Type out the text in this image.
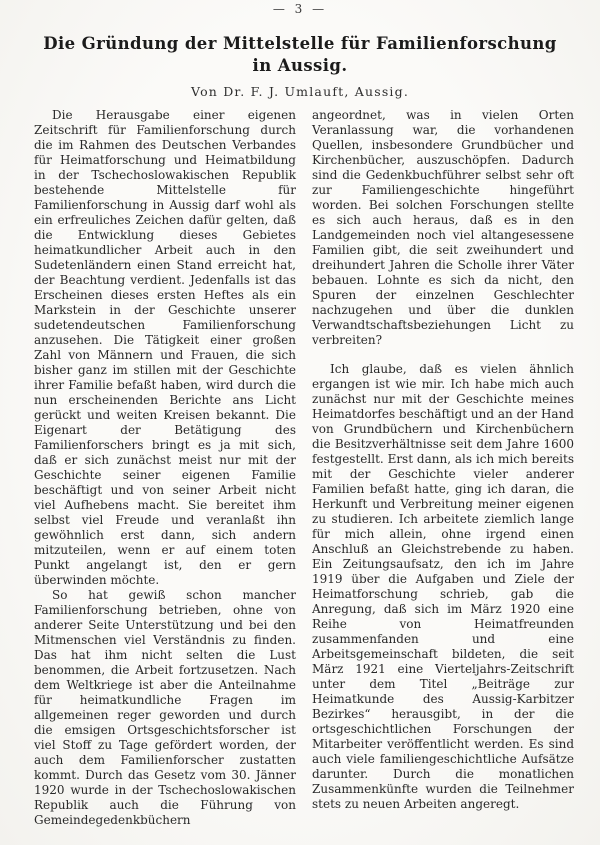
— 3 —
Die Gründung der Mittelstelle für Familienforschung
in Aussig.
Von Dr. F. J. Umlauft, Aussig.

Die Herausgabe einer eigenen Zeitschrift für Familienforschung durch die im Rahmen des Deutschen Verbandes für Heimatforschung und Heimatbildung in der Tschechoslowakischen Republik bestehende Mittelstelle für Familienforschung in Aussig darf wohl als ein erfreuliches Zeichen dafür gelten, daß die Entwicklung dieses Gebietes heimatkundlicher Arbeit auch in den Sudetenländern einen Stand erreicht hat, der Beachtung verdient. Jedenfalls ist das Erscheinen dieses ersten Heftes als ein Markstein in der Geschichte unserer sudetendeutschen Familienforschung anzusehen. Die Tätigkeit einer großen Zahl von Männern und Frauen, die sich bisher ganz im stillen mit der Geschichte ihrer Familie befaßt haben, wird durch die nun erscheinenden Berichte ans Licht gerückt und weiten Kreisen bekannt. Die Eigenart der Betätigung des Familienforschers bringt es ja mit sich, daß er sich zunächst meist nur mit der Geschichte seiner eigenen Familie beschäftigt und von seiner Arbeit nicht viel Aufhebens macht. Sie bereitet ihm selbst viel Freude und veranlaßt ihn gewöhnlich erst dann, sich andern mitzuteilen, wenn er auf einem toten Punkt angelangt ist, den er gern überwinden möchte.

So hat gewiß schon mancher Familienforschung betrieben, ohne von anderer Seite Unterstützung und bei den Mitmenschen viel Verständnis zu finden. Das hat ihm nicht selten die Lust benommen, die Arbeit fortzusetzen. Nach dem Weltkriege ist aber die Anteilnahme für heimatkundliche Fragen im allgemeinen reger geworden und durch die emsigen Ortsgeschichtsforscher ist viel Stoff zu Tage gefördert worden, der auch dem Familienforscher zustatten kommt. Durch das Gesetz vom 30. Jänner 1920 wurde in der Tschechoslowakischen Republik auch die Führung von Gemeindegedenkbüchern

angeordnet, was in vielen Orten Veranlassung war, die vorhandenen Quellen, insbesondere Grundbücher und Kirchenbücher, auszuschöpfen. Dadurch sind die Gedenkbuchführer selbst sehr oft zur Familiengeschichte hingeführt worden. Bei solchen Forschungen stellte es sich auch heraus, daß es in den Landgemeinden noch viel altangesessene Familien gibt, die seit zweihundert und dreihundert Jahren die Scholle ihrer Väter bebauen. Lohnte es sich da nicht, den Spuren der einzelnen Geschlechter nachzugehen und über die dunklen Verwandtschaftsbeziehungen Licht zu verbreiten?

Ich glaube, daß es vielen ähnlich ergangen ist wie mir. Ich habe mich auch zunächst nur mit der Geschichte meines Heimatdorfes beschäftigt und an der Hand von Grundbüchern und Kirchenbüchern die Besitzverhältnisse seit dem Jahre 1600 festgestellt. Erst dann, als ich mich bereits mit der Geschichte vieler anderer Familien befaßt hatte, ging ich daran, die Herkunft und Verbreitung meiner eigenen zu studieren. Ich arbeitete ziemlich lange für mich allein, ohne irgend einen Anschluß an Gleichstrebende zu haben. Ein Zeitungsaufsatz, den ich im Jahre 1919 über die Aufgaben und Ziele der Heimatforschung schrieb, gab die Anregung, daß sich im März 1920 eine Reihe von Heimatfreunden zusammenfanden und eine Arbeitsgemeinschaft bildeten, die seit März 1921 eine Vierteljahrs-Zeitschrift unter dem Titel „Beiträge zur Heimatkunde des Aussig-Karbitzer Bezirkes“ herausgibt, in der die ortsgeschichtlichen Forschungen der Mitarbeiter veröffentlicht werden. Es sind auch viele familiengeschichtliche Aufsätze darunter. Durch die monatlichen Zusammenkünfte wurden die Teilnehmer stets zu neuen Arbeiten angeregt.
